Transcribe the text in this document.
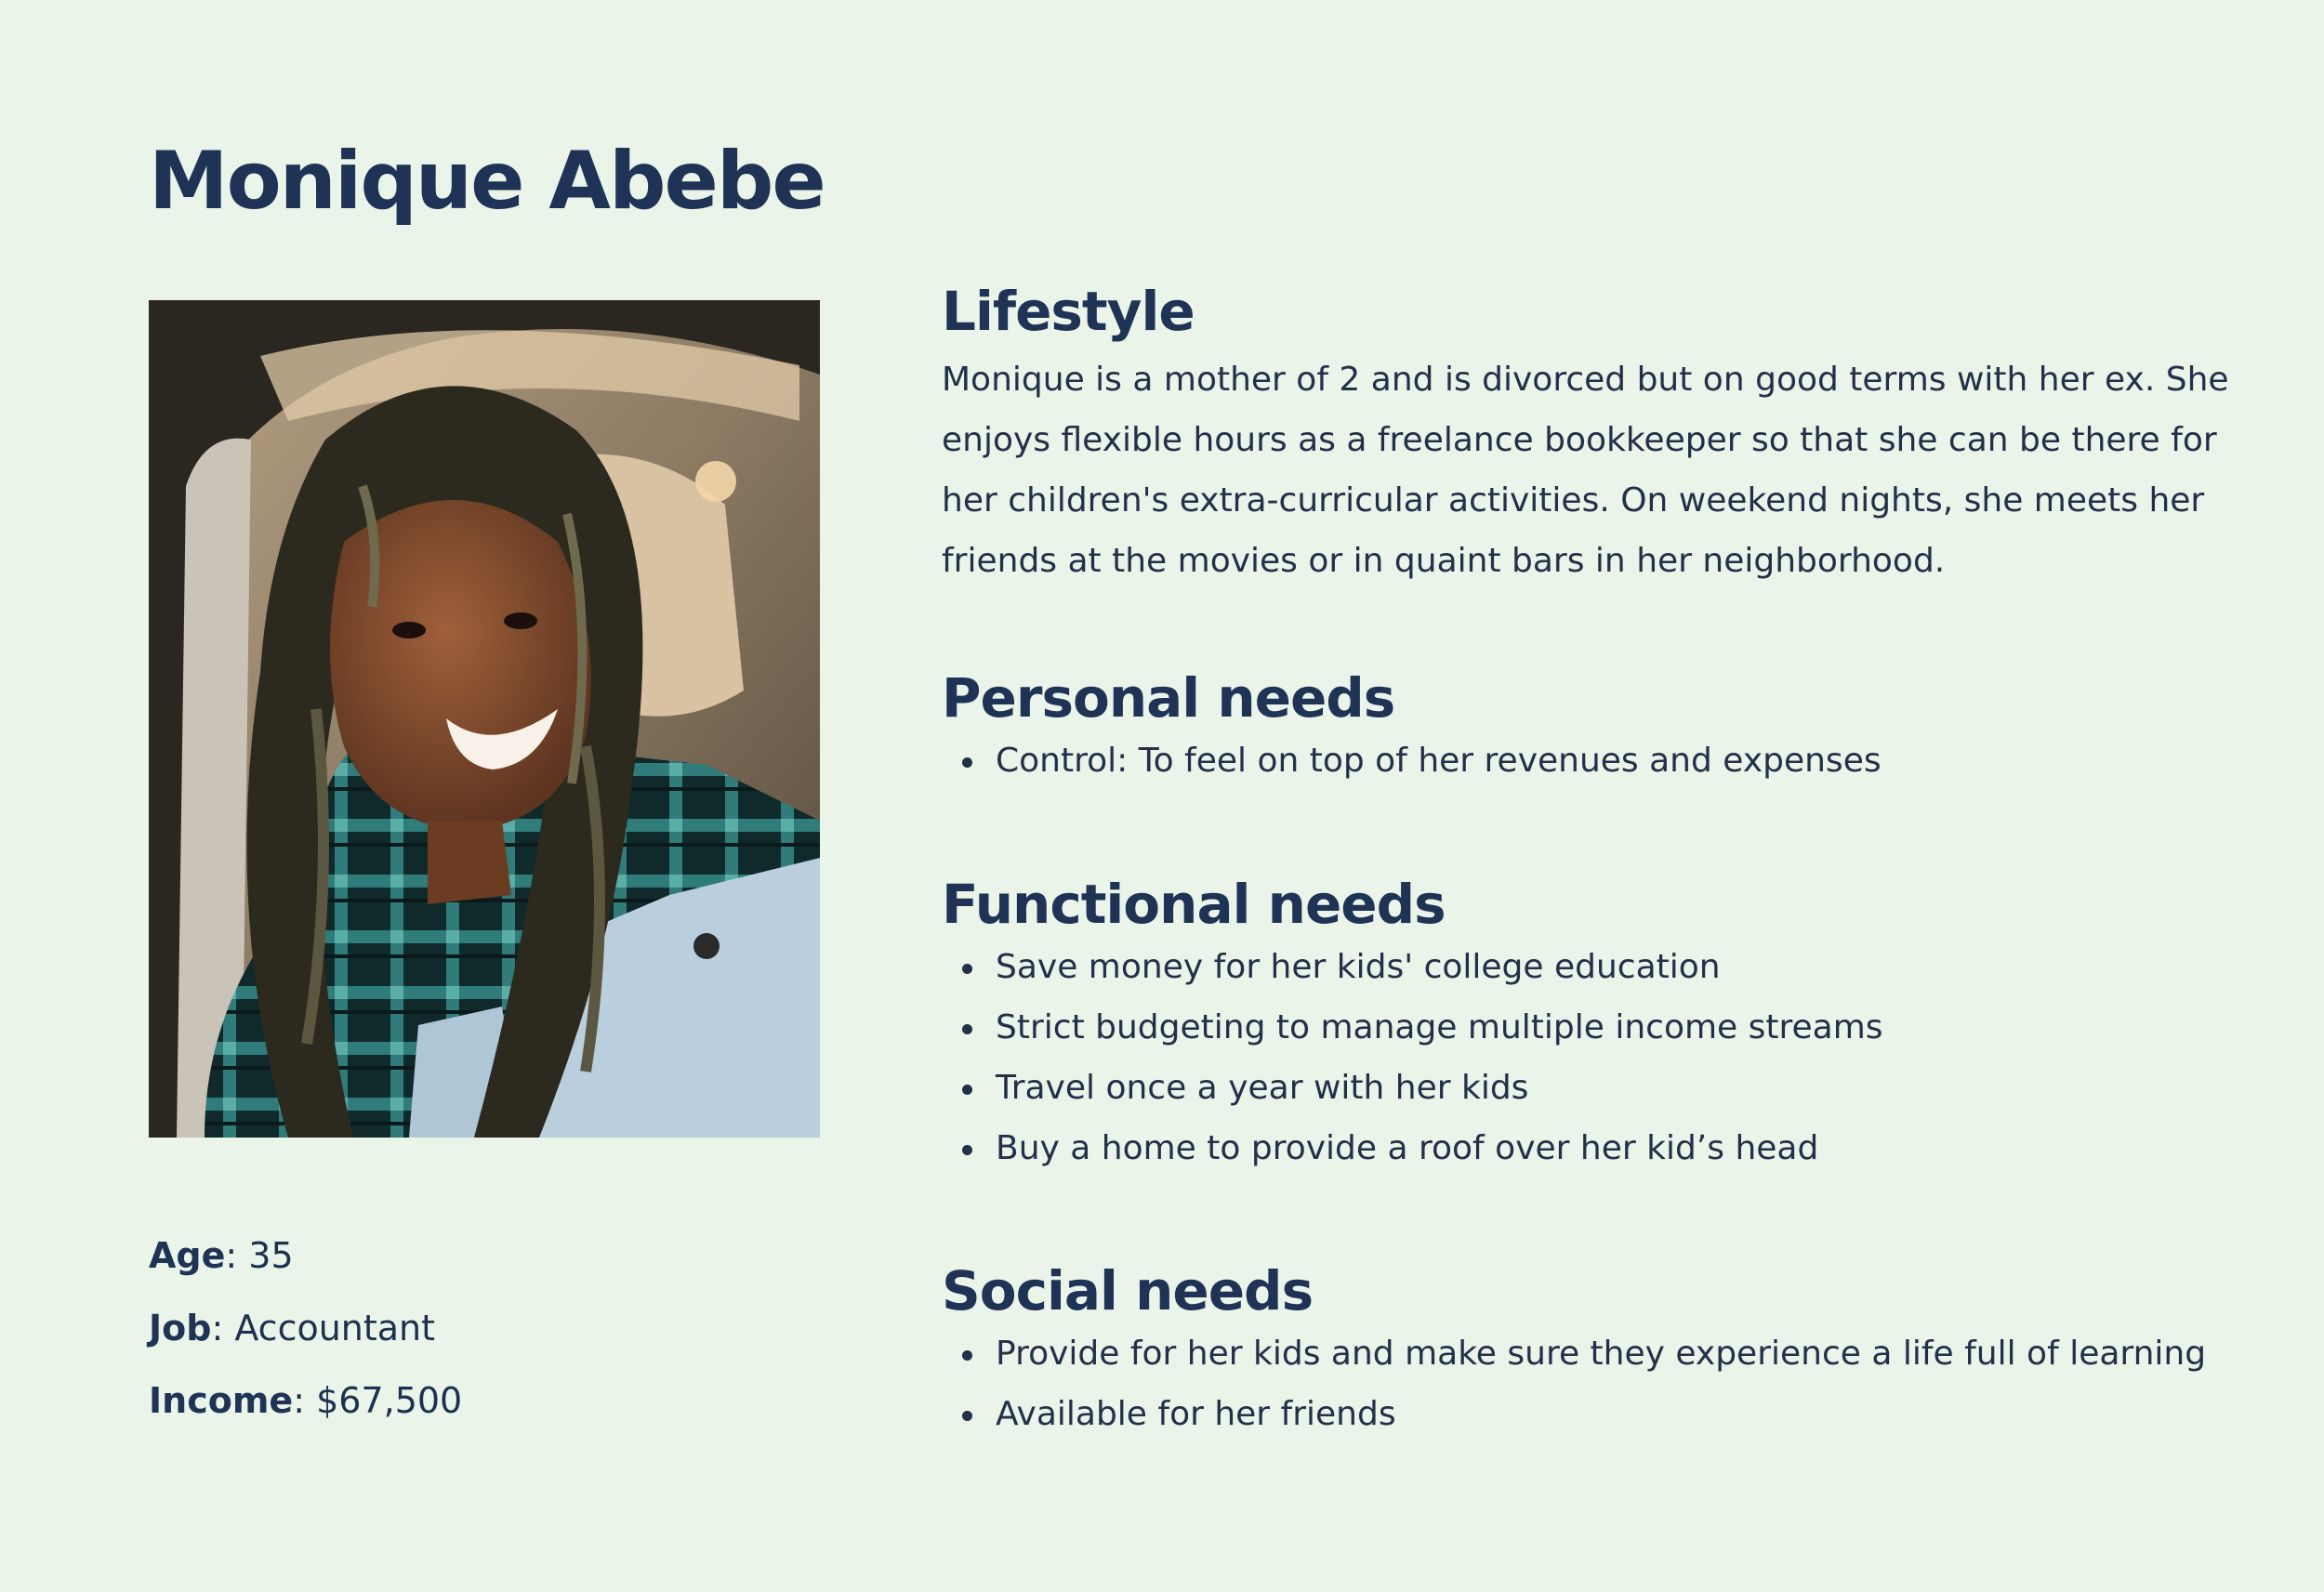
Monique Abebe
Age: 35
Job: Accountant
Income: $67,500
Lifestyle

Monique is a mother of 2 and is divorced but on good terms with her ex. She enjoys flexible hours as a freelance bookkeeper so that she can be there for her children's extra-curricular activities. On weekend nights, she meets her friends at the movies or in quaint bars in her neighborhood.

Personal needs
Control: To feel on top of her revenues and expenses
Functional needs
Save money for her kids' college education
Strict budgeting to manage multiple income streams
Travel once a year with her kids
Buy a home to provide a roof over her kid’s head
Social needs
Provide for her kids and make sure they experience a life full of learning
Available for her friends
